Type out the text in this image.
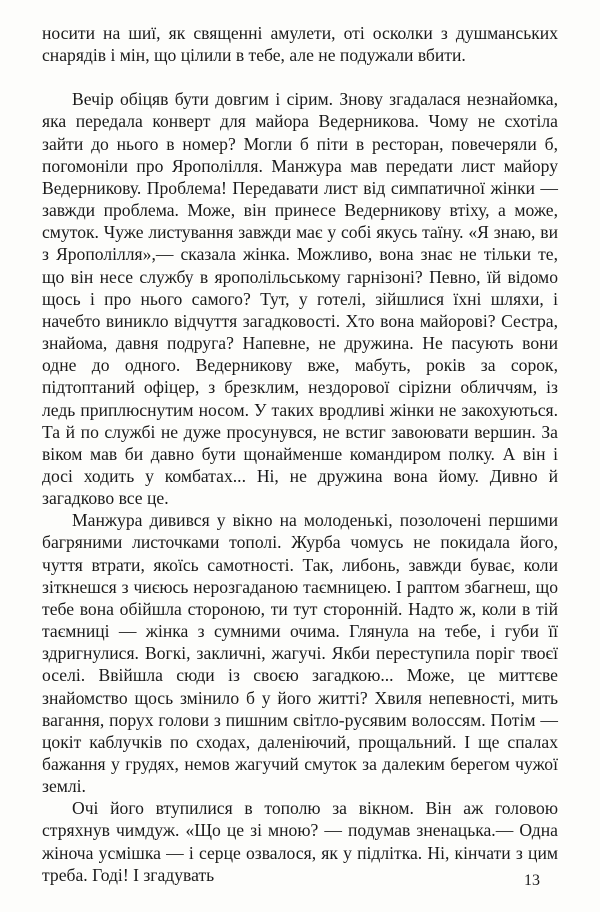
носити на шиї, як священні амулети, оті осколки з душманських снарядів і мін, що цілили в тебе, але не подужали вбити.

Вечір обіцяв бути довгим і сірим. Знову згадалася незнайомка, яка передала конверт для майора Ведерникова. Чому не схотіла зайти до нього в номер? Могли б піти в ресторан, повечеряли б, погомоніли про Ярополілля. Манжура мав передати лист майору Ведерникову. Проблема! Передавати лист від симпатичної жінки — завжди проблема. Може, він принесе Ведерникову втіху, а може, смуток. Чуже листування завжди має у собі якусь таїну. «Я знаю, ви з Ярополілля»,— сказала жінка. Можливо, вона знає не тільки те, що він несе службу в ярополільському гарнізоні? Певно, їй відомо щось і про нього самого? Тут, у готелі, зійшлися їхні шляхи, і начебто виникло відчуття загадковості. Хто вона майорові? Сестра, знайома, давня подруга? Напевне, не дружина. Не пасують вони одне до одного. Ведерникову вже, мабуть, років за сорок, підтоптаний офіцер, з брезклим, нездорової сірizни обличчям, із ледь приплюснутим носом. У таких вродливі жінки не закохуються. Та й по службі не дуже просунувся, не встиг завоювати вершин. За віком мав би давно бути щонайменше командиром полку. А він і досі ходить у комбатах... Ні, не дружина вона йому. Дивно й загадково все це.

Манжура дивився у вікно на молоденькі, позолочені першими багряними листочками тополі. Журба чомусь не покидала його, чуття втрати, якоїсь самотності. Так, либонь, завжди буває, коли зіткнешся з чиєюсь нерозгаданою таємницею. І раптом збагнеш, що тебе вона обійшла стороною, ти тут сторонній. Надто ж, коли в тій таємниці — жінка з сумними очима. Глянула на тебе, і губи її здригнулися. Вогкі, закличні, жагучі. Якби переступила поріг твоєї оселі. Ввійшла сюди із своєю загадкою... Може, це миттєве знайомство щось змінило б у його житті? Хвиля непевності, мить вагання, порух голови з пишним світло-русявим волоссям. Потім — цокіт каблучків по сходах, даленіючий, прощальний. І ще спалах бажання у грудях, немов жагучий смуток за далеким берегом чужої землі.

Очі його втупилися в тополю за вікном. Він аж головою стряхнув чимдуж. «Що це зі мною? — подумав зненацька.— Одна жіноча усмішка — і серце озвалося, як у підлітка. Ні, кінчати з цим треба. Годі! І згадувать	13
